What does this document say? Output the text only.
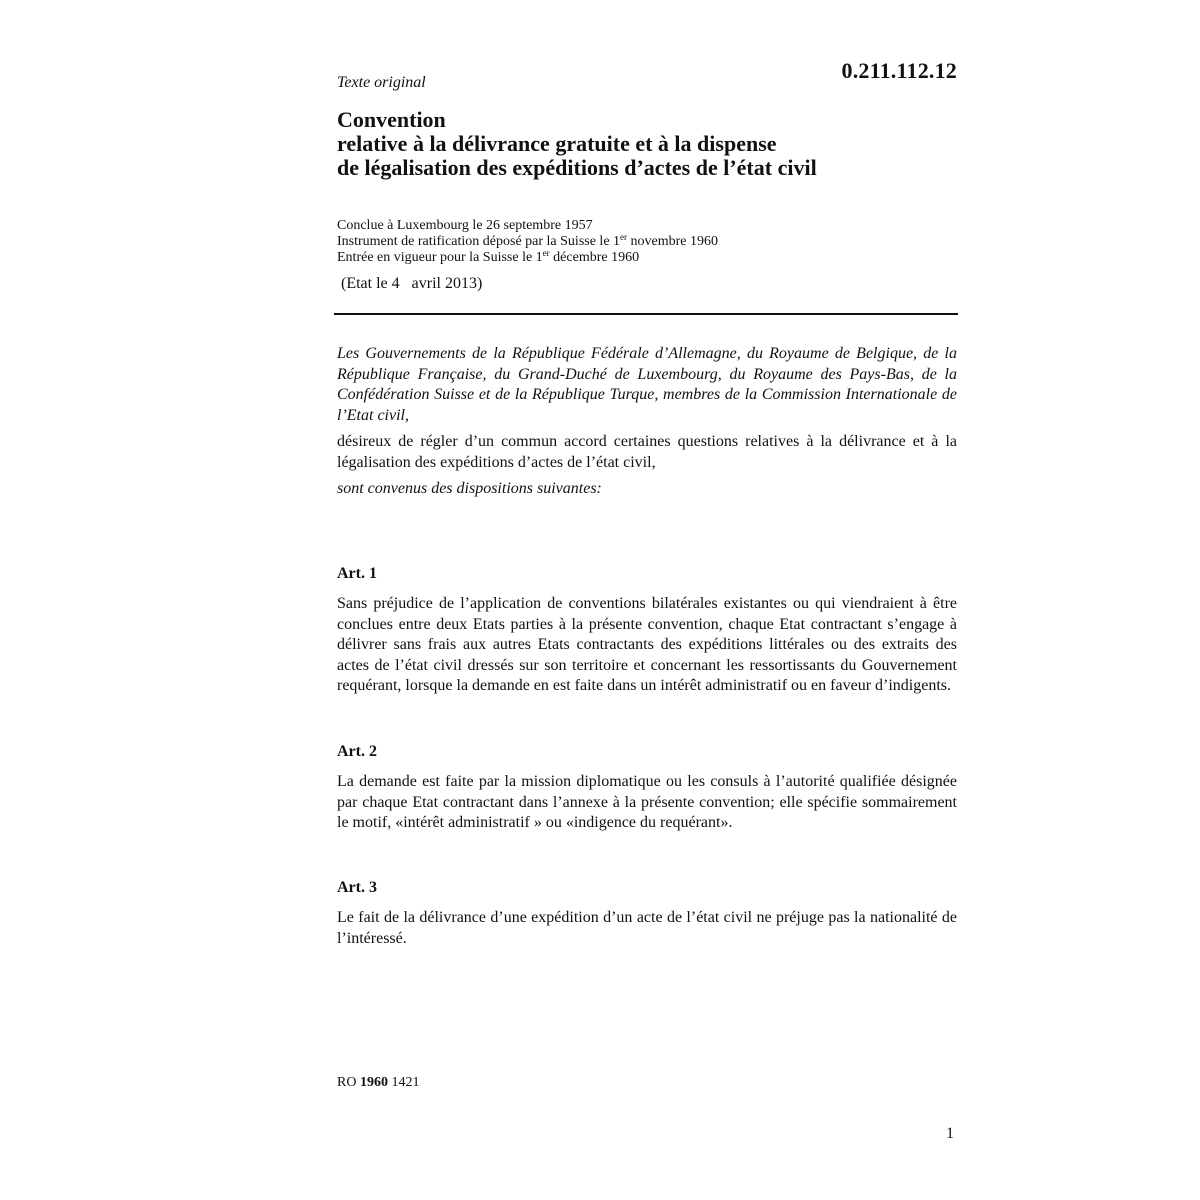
0.211.112.12
Texte original
Convention
relative à la délivrance gratuite et à la dispense
de légalisation des expéditions d’actes de l’état civil
Conclue à Luxembourg le 26 septembre 1957
Instrument de ratification déposé par la Suisse le 1er novembre 1960
Entrée en vigueur pour la Suisse le 1er décembre 1960
(Etat le 4   avril 2013)

Les Gouvernements de la République Fédérale d’Allemagne, du Royaume de Belgique, de la République Française, du Grand-Duché de Luxembourg, du Royaume des Pays-Bas, de la Confédération Suisse et de la République Turque, membres de la Commission Internationale de l’Etat civil,

désireux de régler d’un commun accord certaines questions relatives à la délivrance et à la légalisation des expéditions d’actes de l’état civil,

sont convenus des dispositions suivantes:

Art. 1

Sans préjudice de l’application de conventions bilatérales existantes ou qui viendraient à être conclues entre deux Etats parties à la présente convention, chaque Etat contractant s’engage à délivrer sans frais aux autres Etats contractants des expéditions littérales ou des extraits des actes de l’état civil dressés sur son territoire et concernant les ressortissants du Gouvernement requérant, lorsque la demande en est faite dans un intérêt administratif ou en faveur d’indigents.

Art. 2

La demande est faite par la mission diplomatique ou les consuls à l’autorité qualifiée désignée par chaque Etat contractant dans l’annexe à la présente convention; elle spécifie sommairement le motif, «intérêt administratif » ou «indigence du requérant».

Art. 3

Le fait de la délivrance d’une expédition d’un acte de l’état civil ne préjuge pas la nationalité de l’intéressé.

RO 1960 1421
1
